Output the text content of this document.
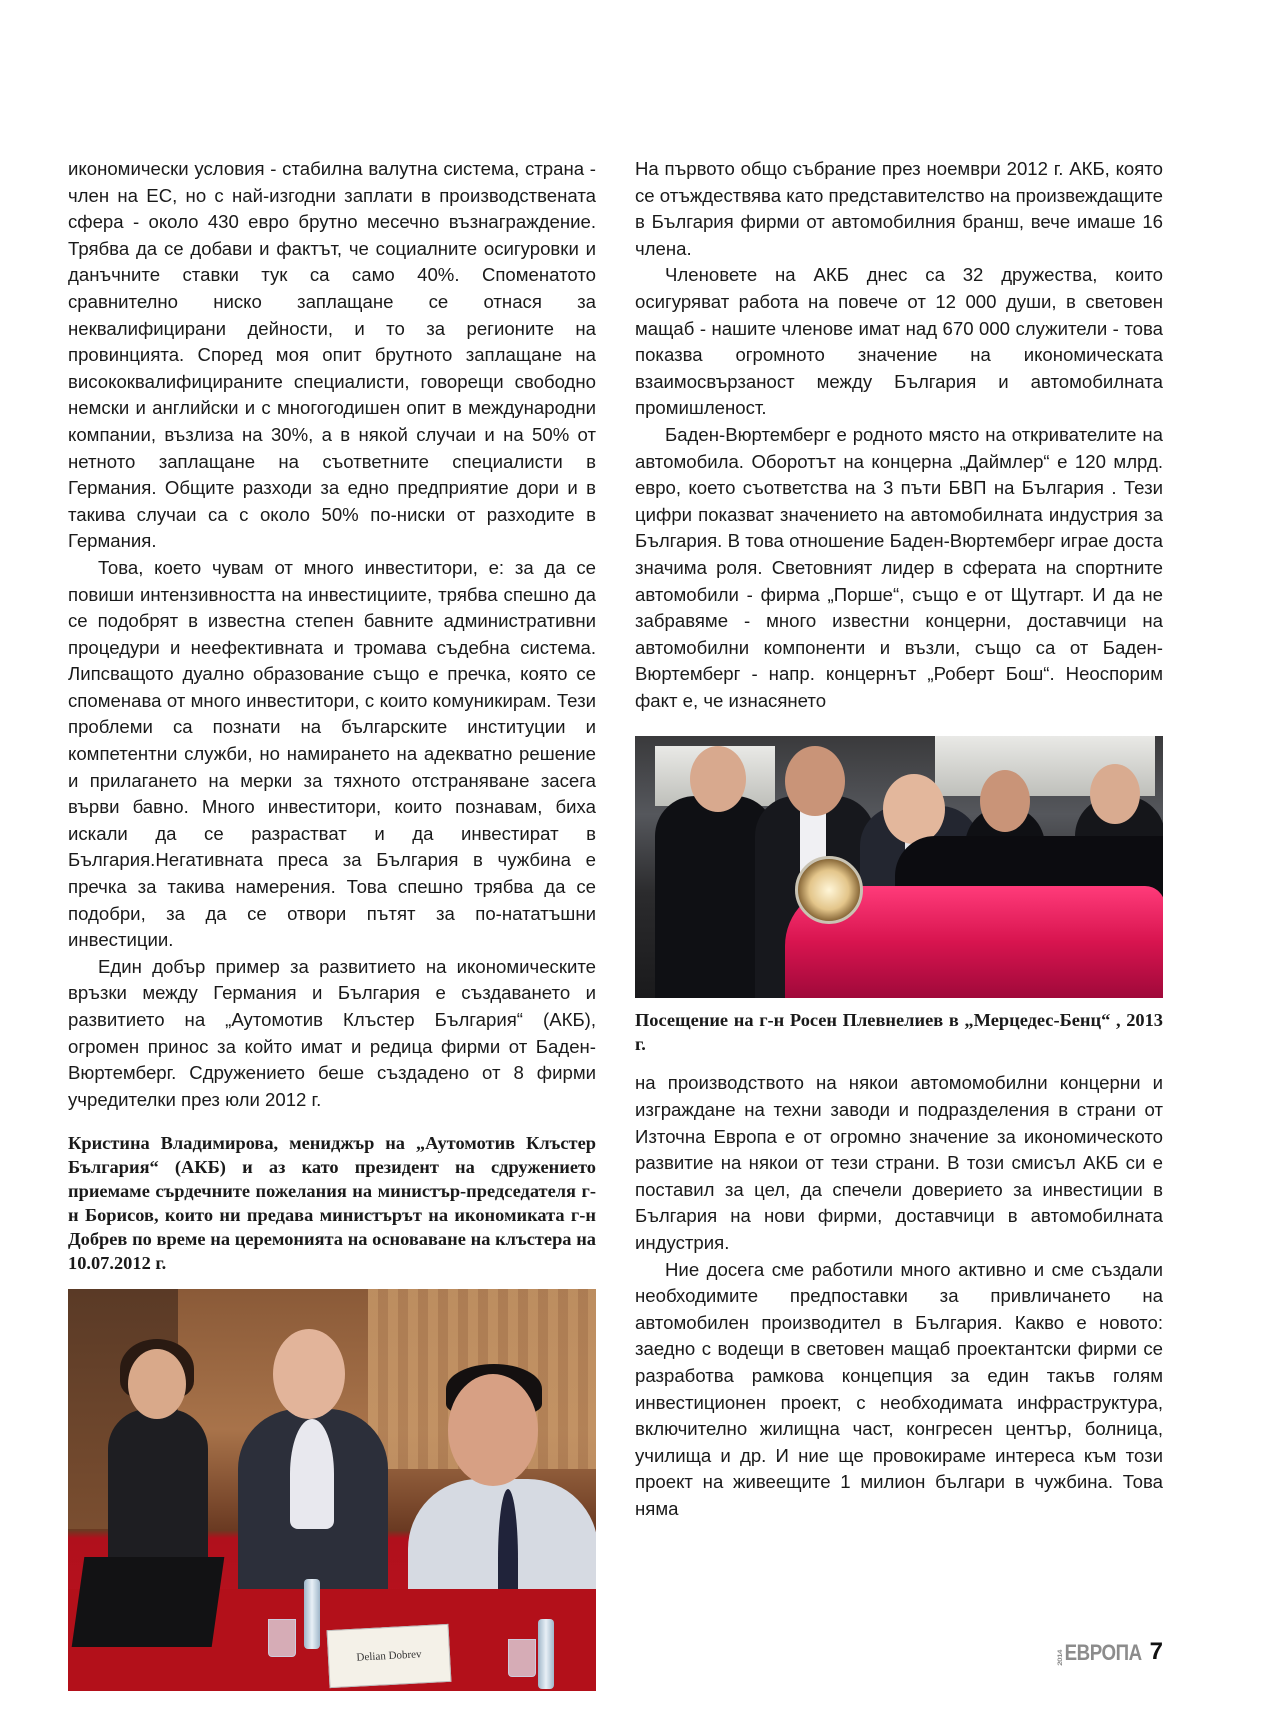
икономически условия - стабилна валутна система, страна - член на ЕС, но с най-изгодни заплати в производствената сфера - около 430 евро брутно месечно възнаграждение. Трябва да се добави и фактът, че социалните осигуровки и данъчните ставки тук са само 40%. Споменатото сравнително ниско заплащане се отнася за неквалифицирани дейности, и то за регионите на провинцията. Според моя опит брутното заплащане на висококвалифицираните специалисти, говорещи свободно немски и английски и с многогодишен опит в международни компании, възлиза на 30%, а в някой случаи и на 50% от нетното заплащане на съответните специалисти в Германия. Общите разходи за едно предприятие дори и в такива случаи са с около 50% по-ниски от разходите в Германия.

Това, което чувам от много инвеститори, е: за да се повиши интензивността на инвестициите, трябва спешно да се подобрят в известна степен бавните административни процедури и неефективната и тромава съдебна система. Липсващото дуално образование също е пречка, която се споменава от много инвеститори, с които комуникирам. Тези проблеми са познати на българските институции и компетентни служби, но намирането на адекватно решение и прилагането на мерки за тяхното отстраняване засега върви бавно. Много инвеститори, които познавам, биха искали да се разрастват и да инвестират в България.Негативната преса за България в чужбина е пречка за такива намерения. Това спешно трябва да се подобри, за да се отвори пътят за по-нататъшни инвестиции.

Един добър пример за развитието на икономическите връзки между Германия и България е създаването и развитието на „Аутомотив Клъстер България“ (АКБ), огромен принос за който имат и редица фирми от Баден-Вюртемберг. Сдружението беше създадено от 8 фирми учредителки през юли 2012 г.

Кристина Владимирова, мениджър на „Аутомотив Клъстер България“ (АКБ) и аз като президент на сдружението приемаме сърдечните пожелания на министър-председателя г-н Борисов, които ни предава министърът на икономиката г-н Добрев по време на церемонията на основаване на клъстера на 10.07.2012 г.

Delian Dobrev

На първото общо събрание през ноември 2012 г. АКБ, която се отъждествява като представителство на произвеждащите в България фирми от автомобилния бранш, вече имаше 16 члена.

Членовете на АКБ днес са 32 дружества, които осигуряват работа на повече от 12 000 души, в световен мащаб - нашите членове имат над 670 000 служители - това показва огромното значение на икономическата взаимосвързаност между България и автомобилната промишленост.

Баден-Вюртемберг е родното място на откривателите на автомобила. Оборотът на концерна „Даймлер“ е 120 млрд. евро, което съответства на 3 пъти БВП на България . Тези цифри показват значението на автомобилната индустрия за България. В това отношение Баден-Вюртемберг играе доста значима роля. Световният лидер в сферата на спортните автомобили - фирма „Порше“, също е от Щутгарт. И да не забравяме - много известни концерни, доставчици на автомобилни компоненти и възли, също са от Баден-Вюртемберг - напр. концернът „Роберт Бош“. Неоспорим факт е, че изнасянето

Посещение на г-н Росен Плевнелиев в „Мерцедес-Бенц“ , 2013 г.

на производството на някои автомомобилни концерни и изграждане на техни заводи и подразделения в страни от Източна Европа е от огромно значение за икономическото развитие на някои от тези страни. В този смисъл АКБ си е поставил за цел, да спечели доверието за инвестиции в България на нови фирми, доставчици в автомобилната индустрия.

Ние досега сме работили много активно и сме създали необходимите предпоставки за привличането на автомобилен производител в България. Какво е новото: заедно с водещи в световен мащаб проектантски фирми се разработва рамкова концепция за един такъв голям инвестиционен проект, с необходимата инфраструктура, включително жилищна част, конгресен център, болница, училища и др. И ние ще провокираме интереса към този проект на живеещите 1 милион българи в чужбина. Това няма

2014ЕВРОПА 7
